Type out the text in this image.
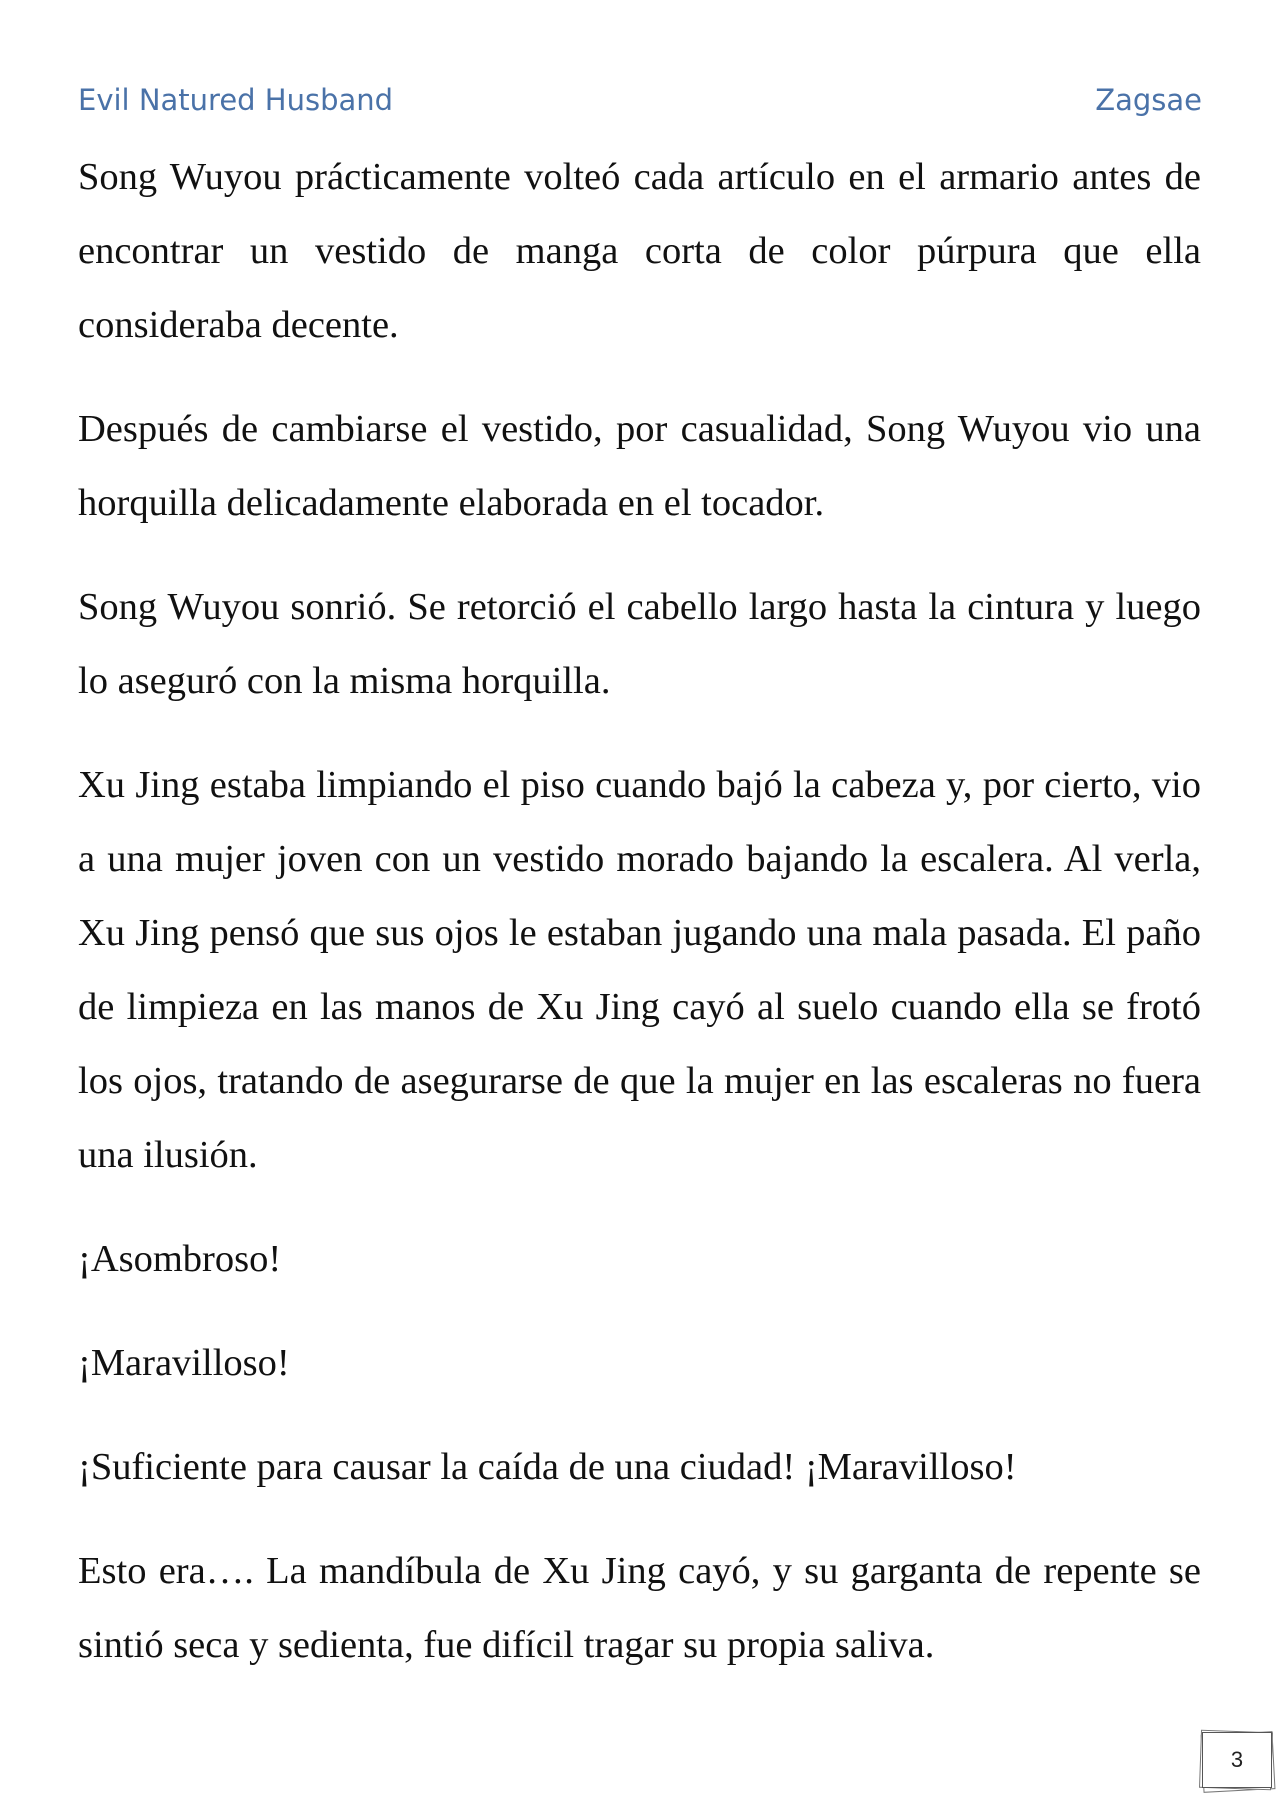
Evil Natured Husband	Zagsae

Song Wuyou prácticamente volteó cada artículo en el armario antes de encontrar un vestido de manga corta de color púrpura que ella consideraba decente.

Después de cambiarse el vestido, por casualidad, Song Wuyou vio una horquilla delicadamente elaborada en el tocador.

Song Wuyou sonrió. Se retorció el cabello largo hasta la cintura y luego lo aseguró con la misma horquilla.

Xu Jing estaba limpiando el piso cuando bajó la cabeza y, por cierto, vio a una mujer joven con un vestido morado bajando la escalera. Al verla, Xu Jing pensó que sus ojos le estaban jugando una mala pasada. El paño de limpieza en las manos de Xu Jing cayó al suelo cuando ella se frotó los ojos, tratando de asegurarse de que la mujer en las escaleras no fuera una ilusión.

¡Asombroso!

¡Maravilloso!

¡Suficiente para causar la caída de una ciudad! ¡Maravilloso!

Esto era…. La mandíbula de Xu Jing cayó, y su garganta de repente se sintió seca y sedienta, fue difícil tragar su propia saliva.

3
